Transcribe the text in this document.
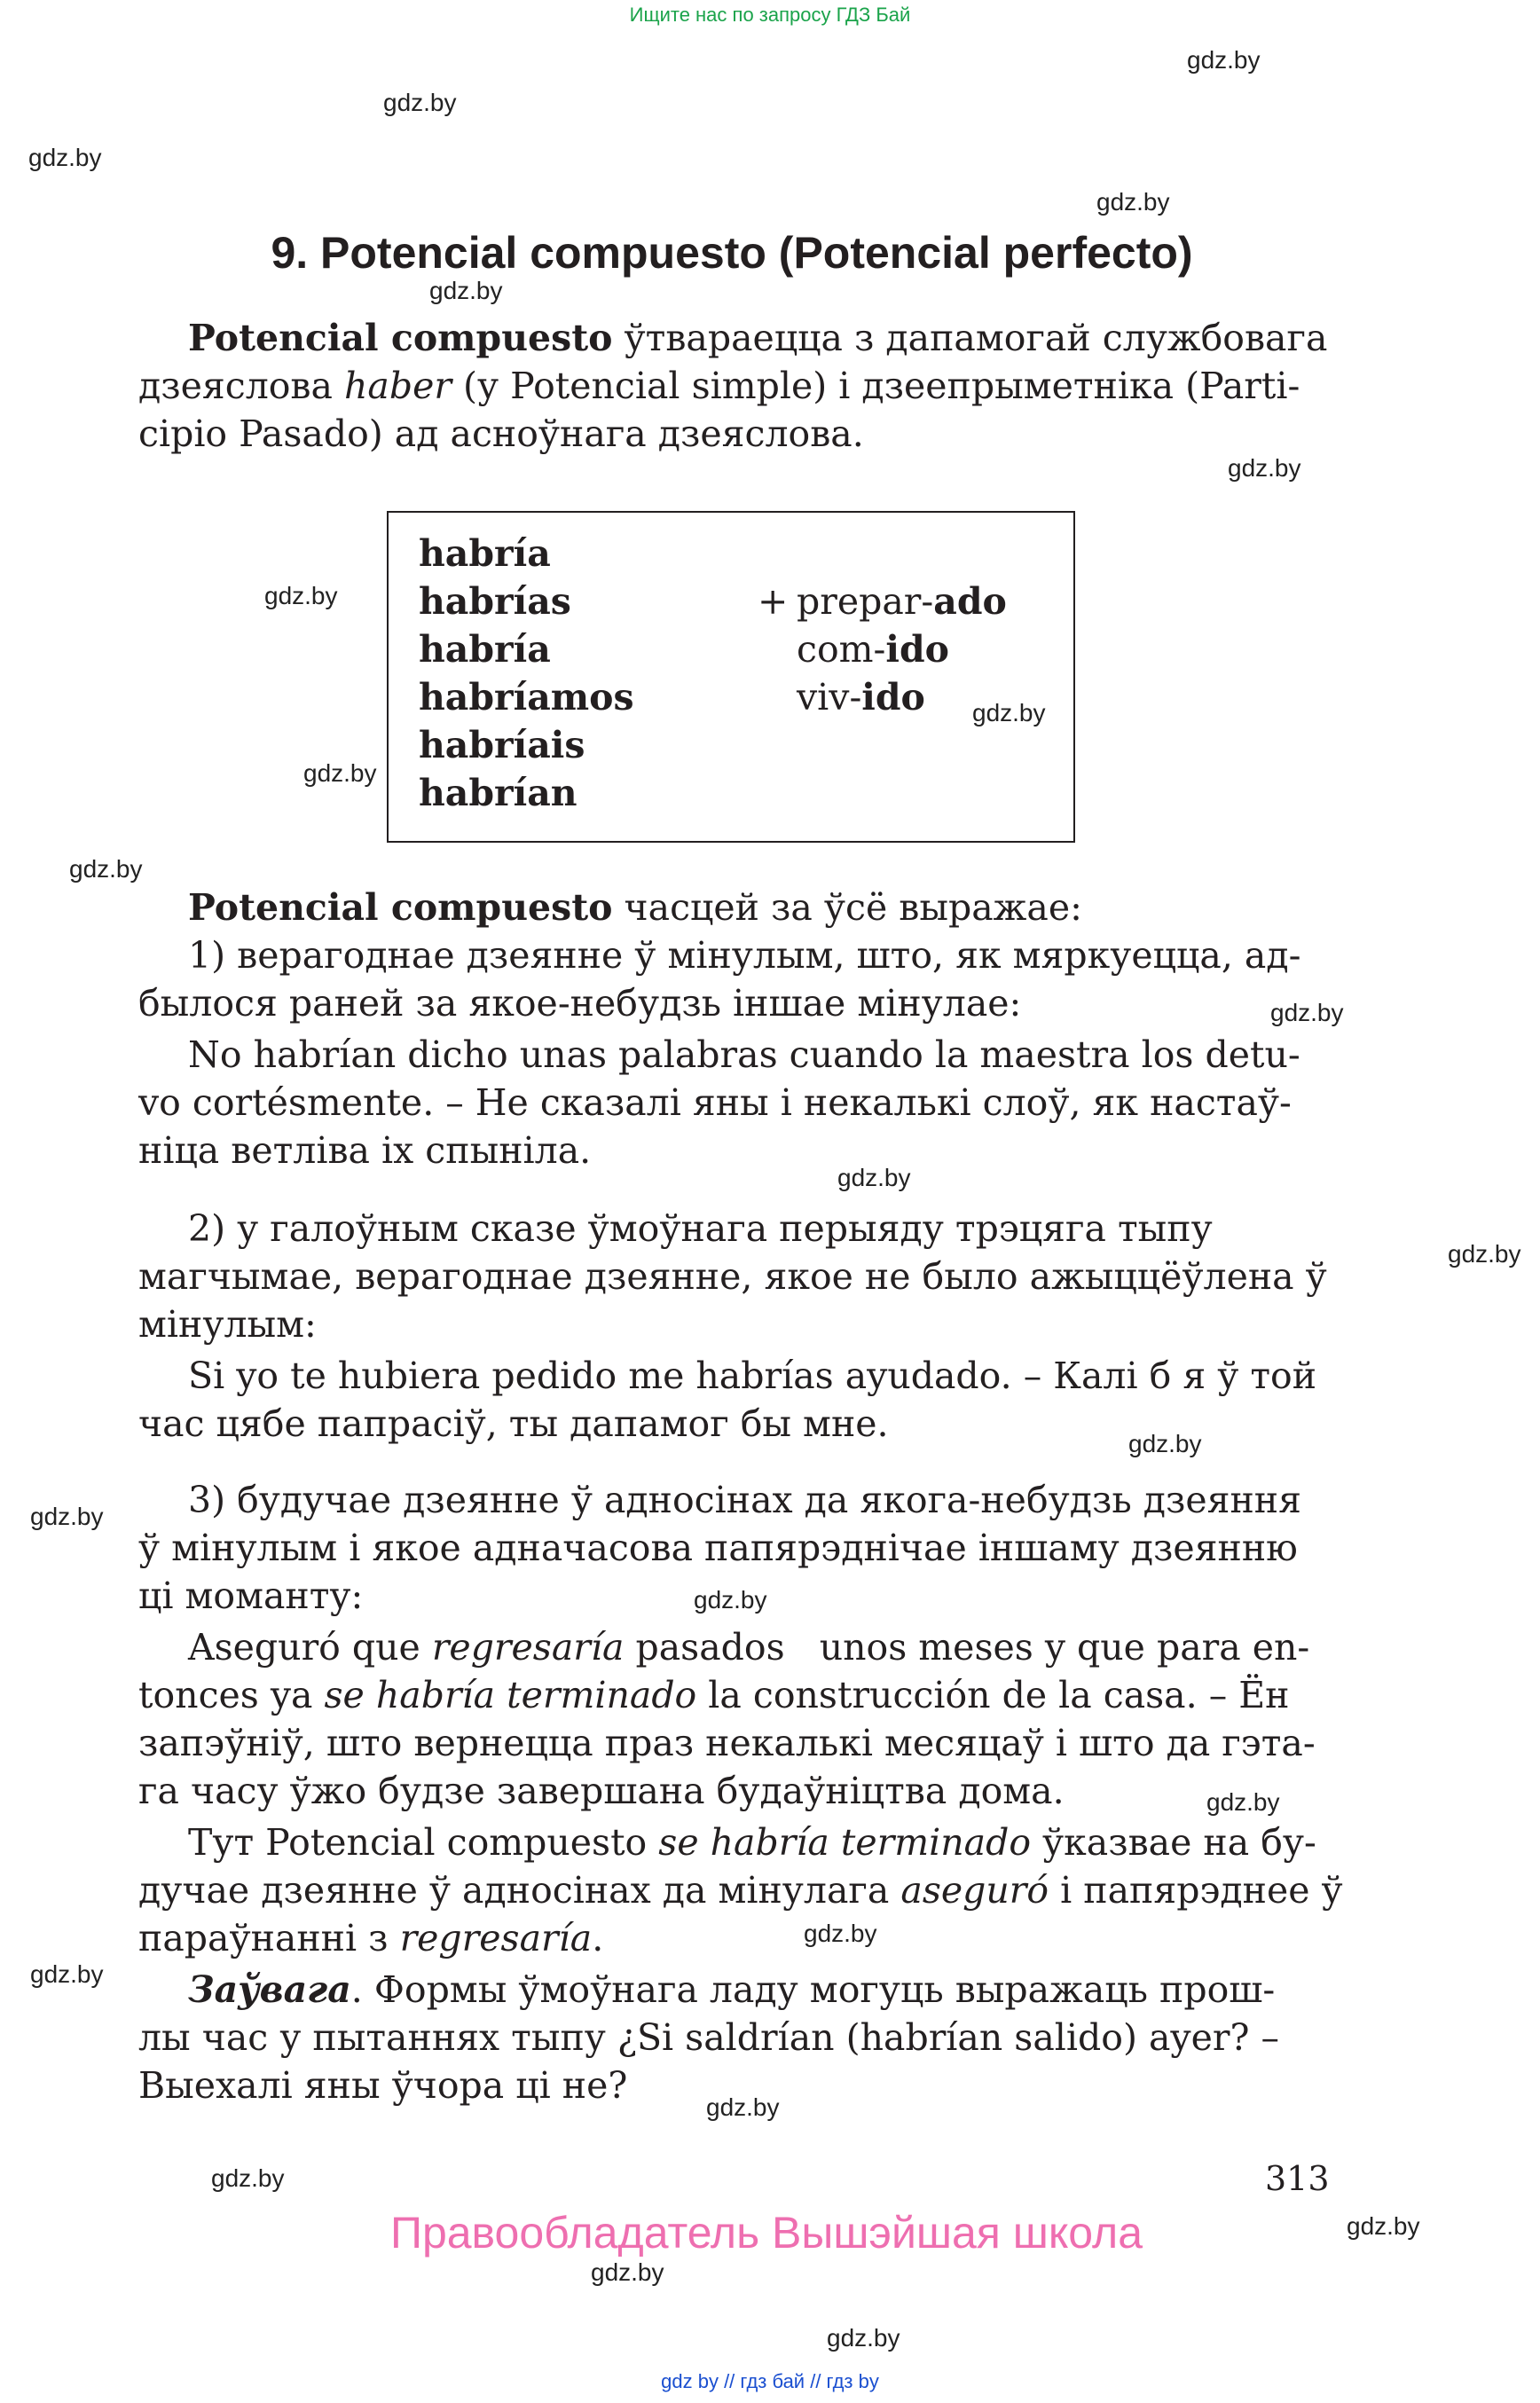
Ищите нас по запросу ГДЗ Бай
gdz.by
gdz.by
gdz.by
gdz.by
gdz.by
gdz.by
gdz.by
gdz.by
gdz.by
gdz.by
gdz.by
gdz.by
gdz.by
gdz.by
gdz.by
gdz.by
gdz.by
gdz.by
gdz.by
gdz.by
gdz.by
gdz.by
gdz.by
gdz.by
9. Potencial compuesto (Potencial perfecto)
Potencial compuesto ўтвараецца з дапамогай службовага
дзеяслова haber (у Potencial simple) і дзеепрыметніка (Parti-
cipio Pasado) ад асноўнага дзеяслова.
habría
habrías
habría
habríamos
habríais
habrían
+ prepar-ado
com-ido
viv-ido
Potencial compuesto часцей за ўсё выражае:
1) верагоднае дзеянне ў мінулым, што, як мяркуецца, ад-
былося раней за якое-небудзь іншае мінулае:
No habrían dicho unas palabras cuando la maestra los detu-
vo cortésmente. – Не сказалі яны і некалькі слоў, як настаў-
ніца ветліва іх спыніла.
2) у галоўным сказе ўмоўнага перыяду трэцяга тыпу
магчымае, верагоднае дзеянне, якое не было ажыццёўлена ў
мінулым:
Si yo te hubiera pedido me habrías ayudado. – Калі б я ў той
час цябе папрасіў, ты дапамог бы мне.
3) будучае дзеянне ў адносінах да якога-небудзь дзеяння
ў мінулым і якое адначасова папярэднічае іншаму дзеянню
ці моманту:
Aseguró que regresaría pasados   unos meses y que para en-
tonces ya se habría terminado la construcción de la casa. – Ён
запэўніў, што вернецца праз некалькі месяцаў і што да гэта-
га часу ўжо будзе завершана будаўніцтва дома.
Тут Potencial compuesto se habría terminado ўказвае на бу-
дучае дзеянне ў адносінах да мінулага aseguró і папярэднее ў
параўнанні з regresaría.
Заўвага. Формы ўмоўнага ладу могуць выражаць прош-
лы час у пытаннях тыпу ¿Si saldrían (habrían salido) ayer? –
Выехалі яны ўчора ці не?
313
Правообладатель Вышэйшая школа
gdz by // гдз бай // гдз by
